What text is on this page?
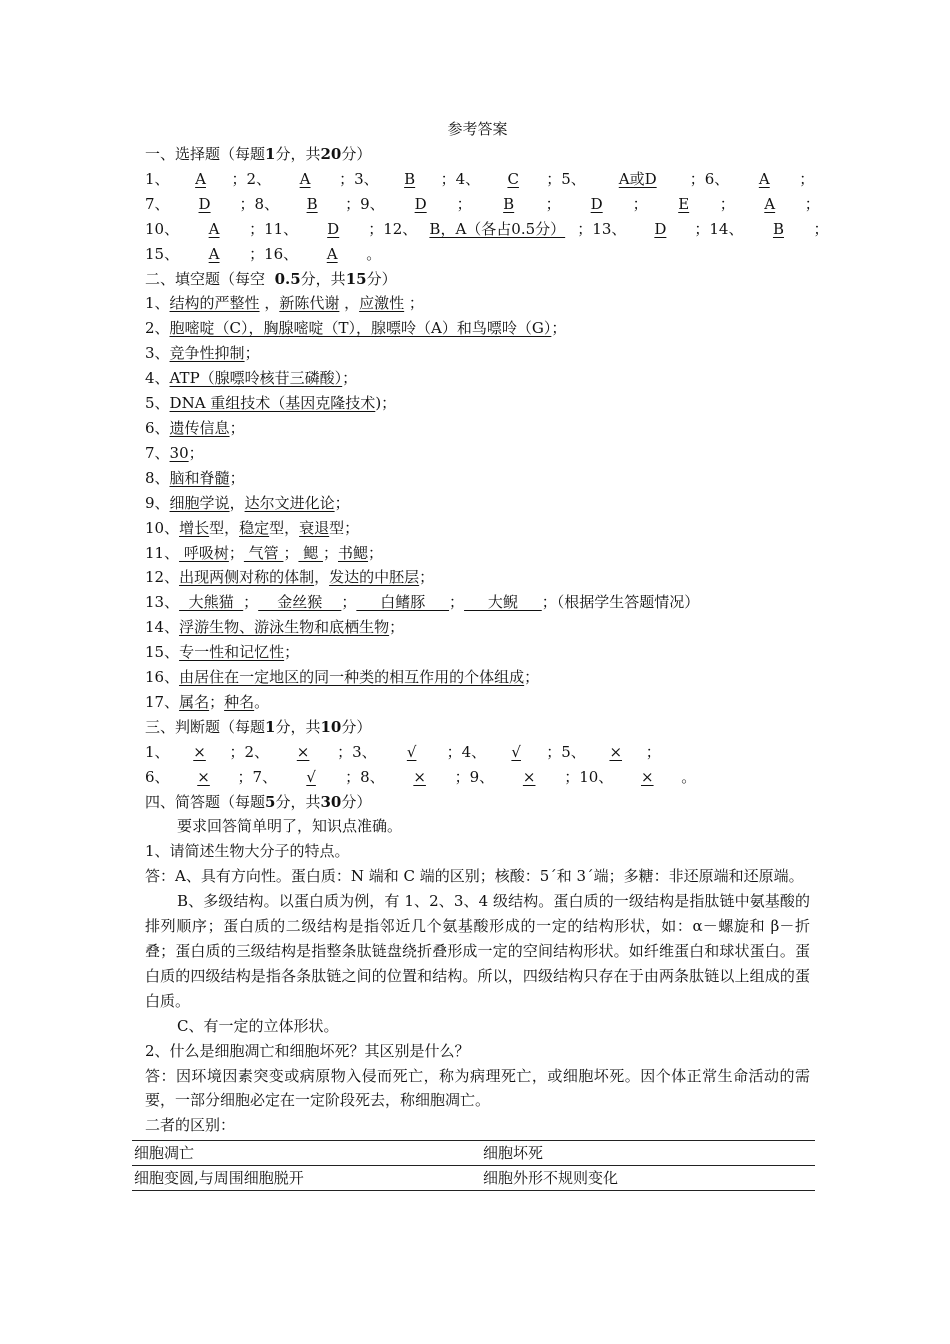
参考答案
一、选择题（每题1分，共20分）
1、 A ；2、 A ；3、 B ；4、 C ；5、 A或D ；6、 A	；
7、 D ；8、 B ；9、 D ； B ； D ； E ； A	；
10、 A ；11、 D ；12、 B，A（各占0.5分） ；13、 D ；14、 B	；
15、 A ；16、 A 。
二、填空题（每空 0.5分，共15分）
1、结构的严整性 ，新陈代谢 ，应激性 ；
2、胞嘧啶（C），胸腺嘧啶（T），腺嘌呤（A）和鸟嘌呤（G）；
3、竞争性抑制；
4、ATP（腺嘌呤核苷三磷酸）；
5、DNA 重组技术（基因克隆技术)；
6、遗传信息；
7、30；
8、脑和脊髓；
9、细胞学说，达尔文进化论；
10、增长型，稳定型，衰退型；
11、 呼吸树； 气管 ； 鳃 ；书鳃；
12、出现两侧对称的体制，发达的中胚层；
13、  大熊猫  ；    金丝猴    ；     白鳍豚     ；     大鲵     ；（根据学生答题情况）
14、浮游生物、游泳生物和底栖生物；
15、专一性和记忆性；
16、由居住在一定地区的同一种类的相互作用的个体组成；
17、属名；种名。
三、判断题（每题1分，共10分）
1、 × ；2、 × ；3、 √ ；4、 √ ；5、 × ；
6、 × ；7、 √ ；8、 × ；9、 × ；10、 × 。
四、简答题（每题5分，共30分）
要求回答简单明了，知识点准确。
1、请简述生物大分子的特点。
答：A、具有方向性。蛋白质：N 端和 C 端的区别；核酸：5´和 3´端；多糖：非还原端和还原端。
B、多级结构。以蛋白质为例，有 1、2、3、4 级结构。蛋白质的一级结构是指肽链中氨基酸的排列顺序；蛋白质的二级结构是指邻近几个氨基酸形成的一定的结构形状，如：α－螺旋和 β－折叠；蛋白质的三级结构是指整条肽链盘绕折叠形成一定的空间结构形状。如纤维蛋白和球状蛋白。蛋白质的四级结构是指各条肽链之间的位置和结构。所以，四级结构只存在于由两条肽链以上组成的蛋白质。
C、有一定的立体形状。
2、什么是细胞凋亡和细胞坏死？其区别是什么？
答：因环境因素突变或病原物入侵而死亡，称为病理死亡，或细胞坏死。因个体正常生命活动的需要，一部分细胞必定在一定阶段死去，称细胞凋亡。
二者的区别：
细胞凋亡	细胞坏死
细胞变圆,与周围细胞脱开	细胞外形不规则变化
